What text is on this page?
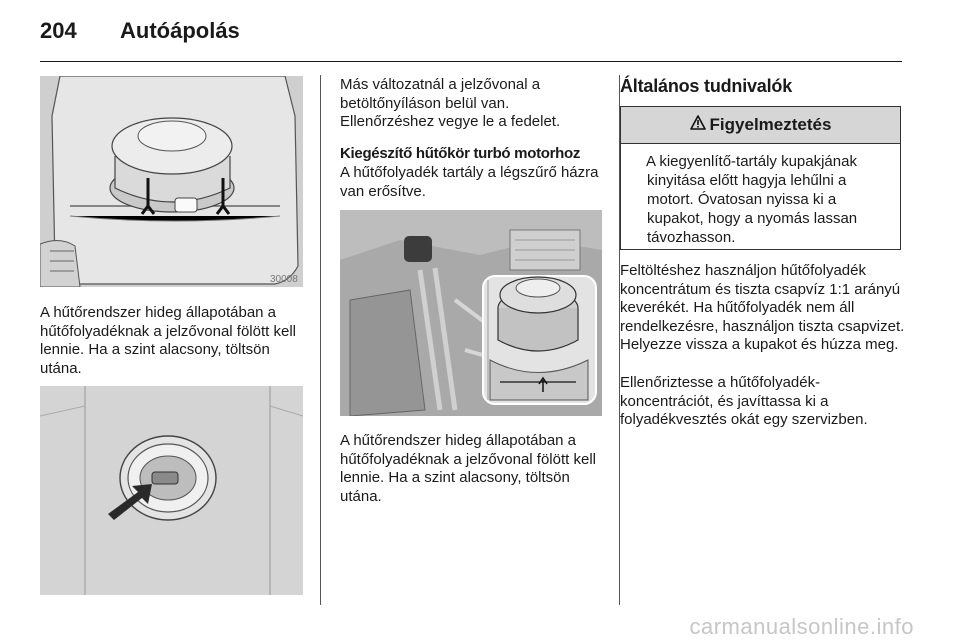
204	Autóápolás
30008

A hűtőrendszer hideg állapotában a hűtőfolyadéknak a jelzővonal fölött kell lennie. Ha a szint alacsony, töltsön utána.

Más változatnál a jelzővonal a betöltőnyíláson belül van. Ellenőrzéshez vegye le a fedelet.

Kiegészítő hűtőkör turbó motorhoz

A hűtőfolyadék tartály a légszűrő házra van erősítve.

A hűtőrendszer hideg állapotában a hűtőfolyadéknak a jelzővonal fölött kell lennie. Ha a szint alacsony, töltsön utána.

Általános tudnivalók

Figyelmeztetés
A kiegyenlítő-tartály kupakjának kinyitása előtt hagyja lehűlni a motort. Óvatosan nyissa ki a kupakot, hogy a nyomás lassan távozhasson.

Feltöltéshez használjon hűtőfolyadék koncentrátum és tiszta csapvíz 1:1 arányú keverékét. Ha hűtőfolyadék nem áll rendelkezésre, használjon tiszta csapvizet. Helyezze vissza a kupakot és húzza meg.

Ellenőriztesse a hűtőfolyadék-koncentrációt, és javíttassa ki a folyadékvesztés okát egy szervizben.

carmanualsonline.info
